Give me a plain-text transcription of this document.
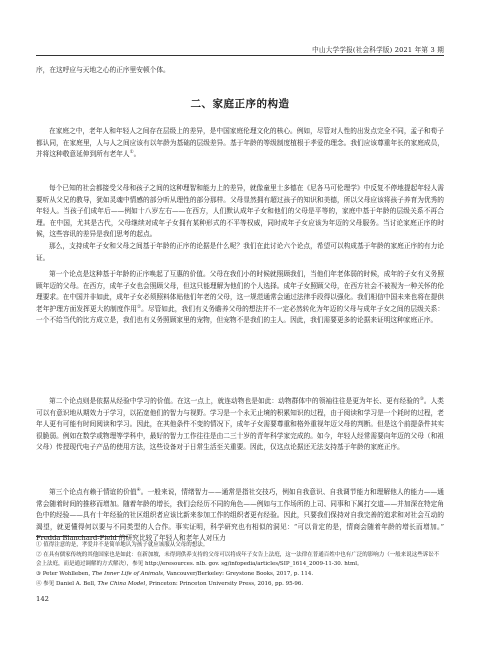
中山大学学报(社会科学版) 2021 年第 3 期

序，在这呼应与天地之心的正序里安顿个体。

二、家庭正序的构造

在家庭之中，老年人和年轻人之间存在层级上的差异，是中国家庭伦理文化的核心。例如，尽管对人性的出发点完全不同，孟子和荀子都认同，在家庭里，人与人之间应该有以年龄为基础的层级差异。基于年龄的等级制度植根于孝爱的理念。我们应该尊重年长的家庭成员，并将这种敬意延伸到所有老年人①。

每个已知的社会都接受父母和孩子之间的这种理智和能力上的差异，就像童里士多德在《尼各马可伦理学》中反复不停地提起年轻人需要听从父兄的教导，犹如灵魂中情感的部分听从理性的部分那样。父母显然拥有超过孩子的知识和美德，所以父母应该将孩子养育为优秀的年轻人。当孩子们成年后——例如十八岁左右——在西方，人们默认成年子女和他们的父母是平等的，家庭中基于年龄的层级关系不再合理。在中国，尤其是古代，父母继续对成年子女拥有某种形式的不平等权威，同时成年子女应该为年迈的父母服务。当讨论家庭正序的时候，这些容讯的差异是我们思考的起点。

那么，支持成年子女和父母之间基于年龄的正序的论据是什么呢？我们在此讨论六个论点，希望可以构成基于年龄的家庭正序的有力论证。

第一个论点是这种基于年龄的正序唤起了互惠的价值。父母在我们小的时候就照顾我们，当他们年老体弱的时候，成年的子女有义务照顾年迈的父母。在西方，成年子女也会照顾父母，但这只能理解为他们的个人选择。成年子女照顾父母，在西方社会不被视为一种关怀的伦理要求。在中国并非如此，成年子女必须照料体贴他们年老的父母，这一规范通常会通过法律手段得以强化。我们相信中国未来也将在提供老年护理方面发挥更大的制度作用②。尽管如此，我们有义务瞻养父母的想法并不一定必然转化为年迈的父母与成年子女之间的层级关系：一个不给当代的比方成立是，我们也有义务照顾家里的宠物，但宠物不是我们的主人。因此，我们需要更多的论据来证明这种家庭正序。

第二个论点则是依据从经验中学习的价值。在这一点上，就连动物也是如此：动物群体中的领袖往往是更为年长、更有经验的③。人类可以有意识地从期效力于学习，以拓宽他们的智力与视野。学习是一个永无止境的积累知识的过程，由于阅读和学习是一个耗时的过程，老年人更有可能有时间阅读和学习。因此，在其他条件不变的情况下，成年子女需要尊重和格外重视年迈父母的判断。但是这个前提条件其实很脆弱。例如在数学或物理等学科中，最好的智力工作往往是由二三十岁的青年科学家完成的。如今，年轻人经常需要向年迈的父母（和祖父母）传授现代电子产品的使用方法，这些设备对于日常生活至关重要。因此，仅这点论据还无法支持基于年龄的家庭正序。

第三个论点有赖于情谊的价值④。一般来说，情绪智力——通常是指社交技巧，例如自我意识、自我调节能力和理解他人的能力——通常会随着时间的推移而增加。随着年龄的增长，我们会经历不同的角色——例如与工作场所的上司、同事和下属打交道——并加深在特定角色中的经验——具有十年经验的社区组织者应该比新来参加工作的组织者更有经验。因此，只要我们保持对自我完善的追求和对社会互动的渴望，就更懂得何以要与不同类型的人合作。事实证明，科学研究也有相似的洞见：“可以肯定的是，情商会随着年龄的增长而增加。” Fredda Blanchard-Field 的研究比较了年轻人和老年人对压力

① 值得注意的是，孝爱并不是简单地认为孩子就应该服从父母的想法。

② 在具有儒家传统的其他国家也是如此：在新加坡，未得到供养支持的父母可以将成年子女告上法庭，这一法律在普通百姓中也有广泛的影响力（一般来说这些诉讼不会上法庭，而是通过调解的方式解决），参见 http://eresources. nlb. gov. sg/infopedia/articles/SIP_1614_2009-11-30. html。

③ Peter Wohlleben, The Inner Life of Animals, Vancouver/Berkeley: Greystone Books, 2017, p. 114.

④ 参见 Daniel A. Bell, The China Model, Princeton: Princeton University Press, 2016, pp. 95-96.

142
